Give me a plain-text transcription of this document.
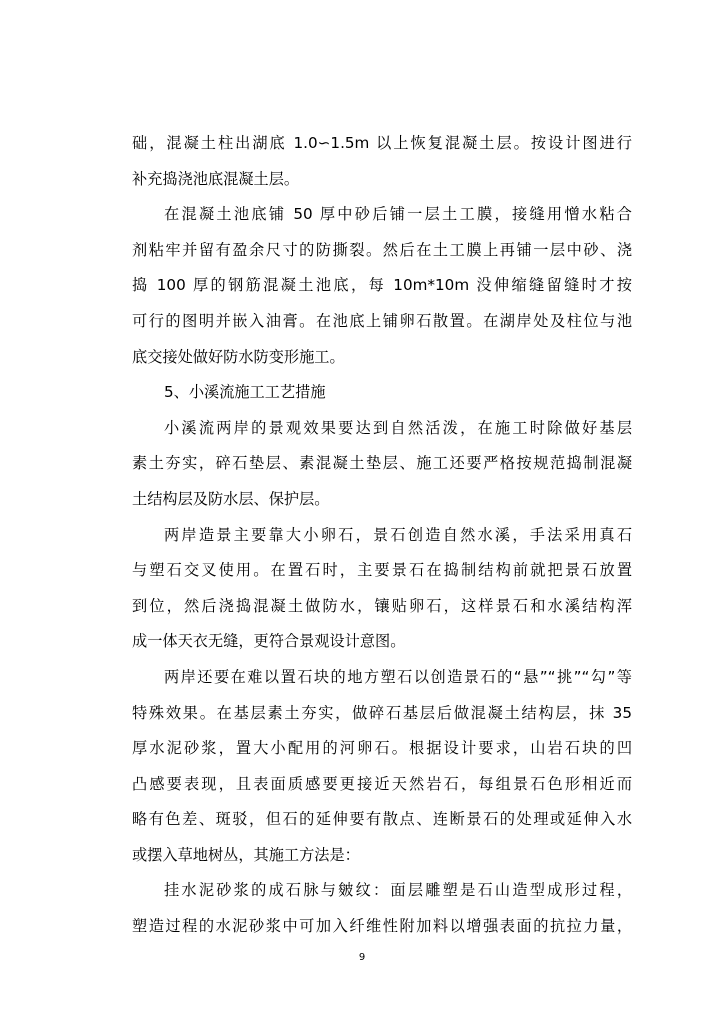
础，混凝土柱出湖底 1.0∽1.5m 以上恢复混凝土层。按设计图进行
补充捣浇池底混凝土层。
在混凝土池底铺 50 厚中砂后铺一层土工膜，接缝用憎水粘合
剂粘牢并留有盈余尺寸的防撕裂。然后在土工膜上再铺一层中砂、浇
捣 100 厚的钢筋混凝土池底，每 10m*10m 没伸缩缝留缝时才按
可行的图明并嵌入油膏。在池底上铺卵石散置。在湖岸处及柱位与池
底交接处做好防水防变形施工。
5、小溪流施工工艺措施
小溪流两岸的景观效果要达到自然活泼，在施工时除做好基层
素土夯实，碎石垫层、素混凝土垫层、施工还要严格按规范捣制混凝
土结构层及防水层、保护层。
两岸造景主要靠大小卵石，景石创造自然水溪，手法采用真石
与塑石交叉使用。在置石时，主要景石在捣制结构前就把景石放置
到位，然后浇捣混凝土做防水，镶贴卵石，这样景石和水溪结构浑
成一体天衣无缝，更符合景观设计意图。
两岸还要在难以置石块的地方塑石以创造景石的“悬”“挑”“勾”等
特殊效果。在基层素土夯实，做碎石基层后做混凝土结构层，抹 35
厚水泥砂浆，置大小配用的河卵石。根据设计要求，山岩石块的凹
凸感要表现，且表面质感要更接近天然岩石，每组景石色形相近而
略有色差、斑驳，但石的延伸要有散点、连断景石的处理或延伸入水
或摆入草地树丛，其施工方法是：
挂水泥砂浆的成石脉与皴纹：面层雕塑是石山造型成形过程，
塑造过程的水泥砂浆中可加入纤维性附加料以增强表面的抗拉力量，
9
